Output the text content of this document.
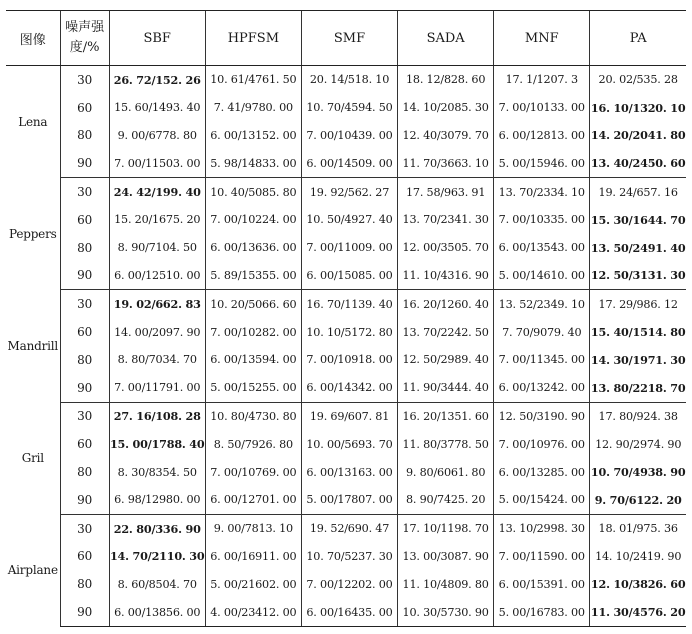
图像	噪声强
度/%	SBF	HPFSM	SMF	SADA	MNF	PA
Lena	30	26. 72/152. 26	10. 61/4761. 50	20. 14/518. 10	18. 12/828. 60	17. 1/1207. 3	20. 02/535. 28
	60	15. 60/1493. 40	7. 41/9780. 00	10. 70/4594. 50	14. 10/2085. 30	7. 00/10133. 00	16. 10/1320. 10
	80	9. 00/6778. 80	6. 00/13152. 00	7. 00/10439. 00	12. 40/3079. 70	6. 00/12813. 00	14. 20/2041. 80
	90	7. 00/11503. 00	5. 98/14833. 00	6. 00/14509. 00	11. 70/3663. 10	5. 00/15946. 00	13. 40/2450. 60
Peppers	30	24. 42/199. 40	10. 40/5085. 80	19. 92/562. 27	17. 58/963. 91	13. 70/2334. 10	19. 24/657. 16
	60	15. 20/1675. 20	7. 00/10224. 00	10. 50/4927. 40	13. 70/2341. 30	7. 00/10335. 00	15. 30/1644. 70
	80	8. 90/7104. 50	6. 00/13636. 00	7. 00/11009. 00	12. 00/3505. 70	6. 00/13543. 00	13. 50/2491. 40
	90	6. 00/12510. 00	5. 89/15355. 00	6. 00/15085. 00	11. 10/4316. 90	5. 00/14610. 00	12. 50/3131. 30
Mandrill	30	19. 02/662. 83	10. 20/5066. 60	16. 70/1139. 40	16. 20/1260. 40	13. 52/2349. 10	17. 29/986. 12
	60	14. 00/2097. 90	7. 00/10282. 00	10. 10/5172. 80	13. 70/2242. 50	7. 70/9079. 40	15. 40/1514. 80
	80	8. 80/7034. 70	6. 00/13594. 00	7. 00/10918. 00	12. 50/2989. 40	7. 00/11345. 00	14. 30/1971. 30
	90	7. 00/11791. 00	5. 00/15255. 00	6. 00/14342. 00	11. 90/3444. 40	6. 00/13242. 00	13. 80/2218. 70
Gril	30	27. 16/108. 28	10. 80/4730. 80	19. 69/607. 81	16. 20/1351. 60	12. 50/3190. 90	17. 80/924. 38
	60	15. 00/1788. 40	8. 50/7926. 80	10. 00/5693. 70	11. 80/3778. 50	7. 00/10976. 00	12. 90/2974. 90
	80	8. 30/8354. 50	7. 00/10769. 00	6. 00/13163. 00	9. 80/6061. 80	6. 00/13285. 00	10. 70/4938. 90
	90	6. 98/12980. 00	6. 00/12701. 00	5. 00/17807. 00	8. 90/7425. 20	5. 00/15424. 00	9. 70/6122. 20
Airplane	30	22. 80/336. 90	9. 00/7813. 10	19. 52/690. 47	17. 10/1198. 70	13. 10/2998. 30	18. 01/975. 36
	60	14. 70/2110. 30	6. 00/16911. 00	10. 70/5237. 30	13. 00/3087. 90	7. 00/11590. 00	14. 10/2419. 90
	80	8. 60/8504. 70	5. 00/21602. 00	7. 00/12202. 00	11. 10/4809. 80	6. 00/15391. 00	12. 10/3826. 60
	90	6. 00/13856. 00	4. 00/23412. 00	6. 00/16435. 00	10. 30/5730. 90	5. 00/16783. 00	11. 30/4576. 20
